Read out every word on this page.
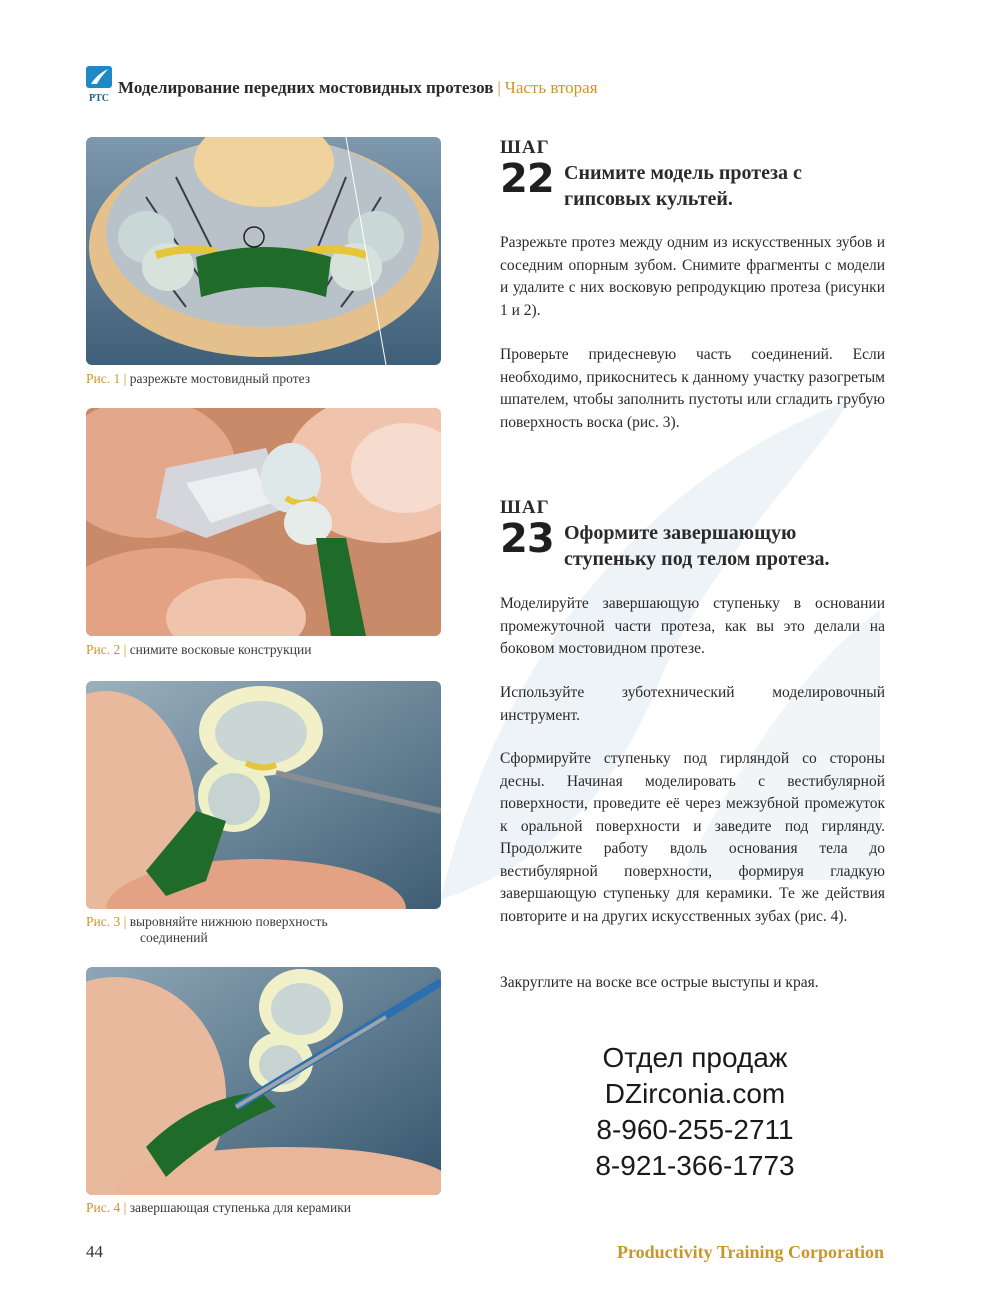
PTC
Моделирование передних мостовидных протезов | Часть вторая
Рис. 1 | разрежьте мостовидный протез
Рис. 2 | снимите восковые конструкции
Рис. 3 | выровняйте нижнюю поверхность
соединений
Рис. 4 | завершающая ступенька для керамики
ШАГ
22 Снимите модель протеза с
гипсовых культей.

Разрежьте протез между одним из искусственных зубов и соседним опорным зубом. Снимите фрагменты с модели и удалите с них восковую репродукцию протеза (рисунки 1 и 2).

Проверьте придесневую часть соединений. Если необходимо, прикоснитесь к данному участку разогретым шпателем, чтобы заполнить пустоты или сгладить грубую поверхность воска (рис. 3).

ШАГ
23 Оформите завершающую
ступеньку под телом протеза.

Моделируйте завершающую ступеньку в основании промежуточной части протеза, как вы это делали на боковом мостовидном протезе.

Используйте зуботехнический моделировочный инструмент.

Сформируйте ступеньку под гирляндой со стороны десны. Начиная моделировать с вестибулярной поверхности, проведите её через межзубной промежуток к оральной поверхности и заведите под гирлянду. Продолжите работу вдоль основания тела до вестибулярной поверхности, формируя гладкую завершающую ступеньку для керамики. Те же действия повторите и на других искусственных зубах (рис. 4).

Закруглите на воске все острые выступы и края.

Отдел продаж
DZirconia.com
8-960-255-2711
8-921-366-1773
44	Productivity Training Corporation
